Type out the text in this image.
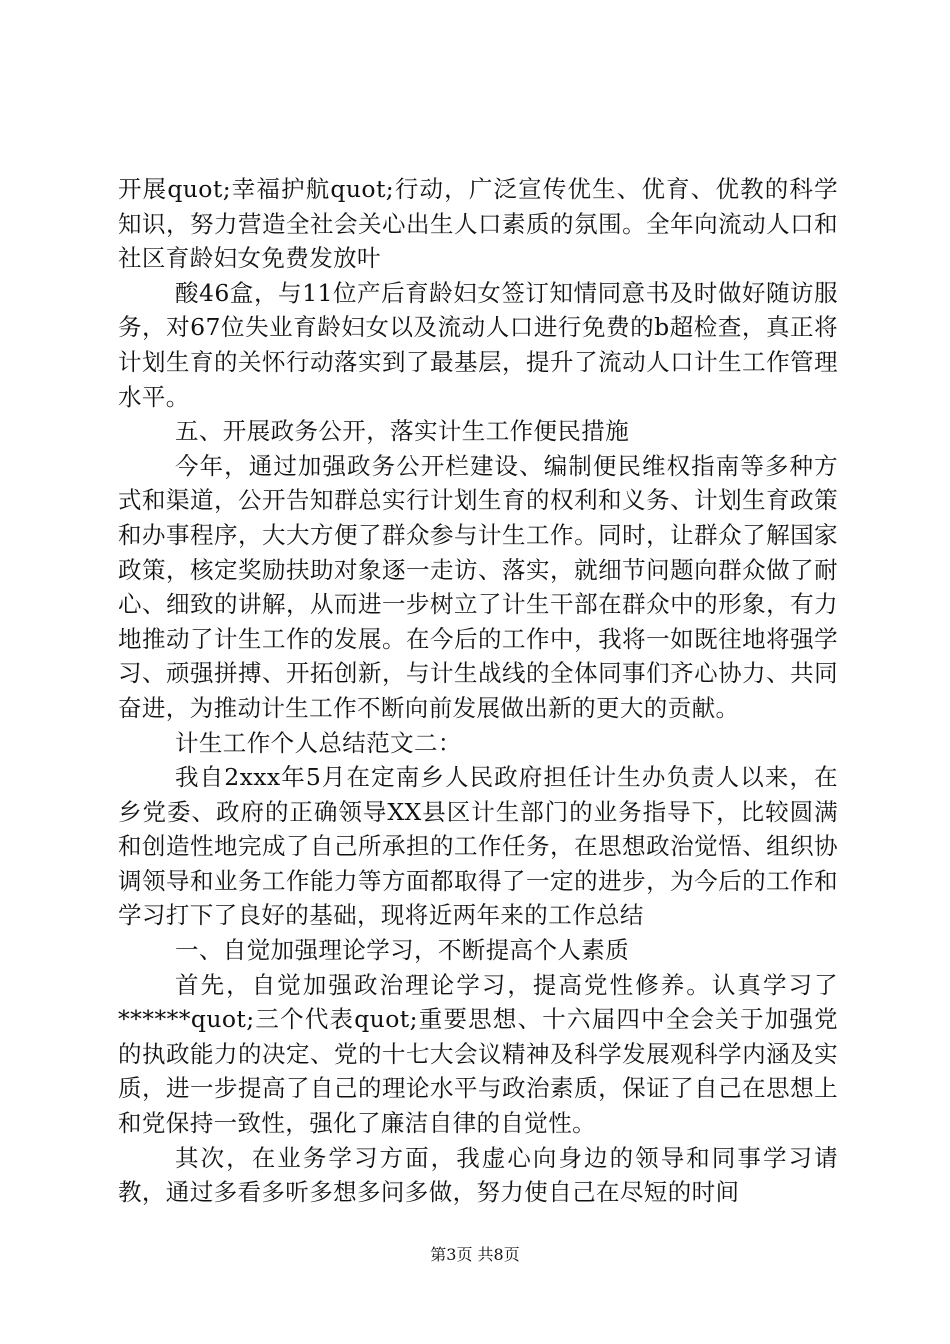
开展quot;幸福护航quot;行动，广泛宣传优生、优育、优教的科学知识，努力营造全社会关心出生人口素质的氛围。全年向流动人口和社区育龄妇女免费发放叶

酸46盒，与11位产后育龄妇女签订知情同意书及时做好随访服务，对67位失业育龄妇女以及流动人口进行免费的b超检查，真正将计划生育的关怀行动落实到了最基层，提升了流动人口计生工作管理水平。

五、开展政务公开，落实计生工作便民措施

今年，通过加强政务公开栏建设、编制便民维权指南等多种方式和渠道，公开告知群总实行计划生育的权利和义务、计划生育政策和办事程序，大大方便了群众参与计生工作。同时，让群众了解国家政策，核定奖励扶助对象逐一走访、落实，就细节问题向群众做了耐心、细致的讲解，从而进一步树立了计生干部在群众中的形象，有力地推动了计生工作的发展。在今后的工作中，我将一如既往地将强学习、顽强拼搏、开拓创新，与计生战线的全体同事们齐心协力、共同奋进，为推动计生工作不断向前发展做出新的更大的贡献。

计生工作个人总结范文二：

我自2xxx年5月在定南乡人民政府担任计生办负责人以来，在乡党委、政府的正确领导XX县区计生部门的业务指导下，比较圆满和创造性地完成了自己所承担的工作任务，在思想政治觉悟、组织协调领导和业务工作能力等方面都取得了一定的进步，为今后的工作和学习打下了良好的基础，现将近两年来的工作总结

一、自觉加强理论学习，不断提高个人素质

首先，自觉加强政治理论学习，提高党性修养。认真学习了******quot;三个代表quot;重要思想、十六届四中全会关于加强党的执政能力的决定、党的十七大会议精神及科学发展观科学内涵及实质，进一步提高了自己的理论水平与政治素质，保证了自己在思想上和党保持一致性，强化了廉洁自律的自觉性。

其次，在业务学习方面，我虚心向身边的领导和同事学习请教，通过多看多听多想多问多做，努力使自己在尽短的时间

第3页 共8页
